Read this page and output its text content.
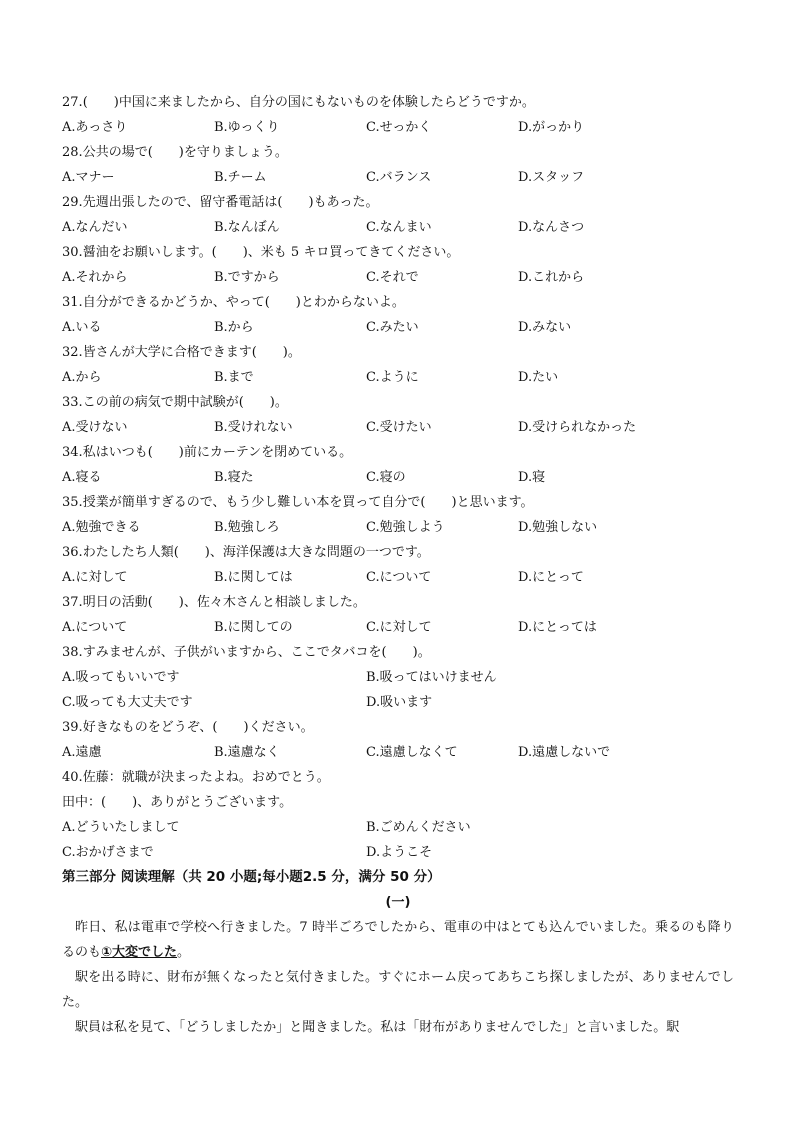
27.(　　)中国に来ましたから、自分の国にもないものを体験したらどうですか。
A.あっさり	B.ゆっくり	C.せっかく	D.がっかり
28.公共の場で(　　)を守りましょう。
A.マナー	B.チーム	C.バランス	D.スタッフ
29.先週出張したので、留守番電話は(　　)もあった。
A.なんだい	B.なんぼん	C.なんまい	D.なんさつ
30.醤油をお願いします。(　　)、米も 5 キロ買ってきてください。
A.それから	B.ですから	C.それで	D.これから
31.自分ができるかどうか、やって(　　)とわからないよ。
A.いる	B.から	C.みたい	D.みない
32.皆さんが大学に合格できます(　　)。
A.から	B.まで	C.ように	D.たい
33.この前の病気で期中試験が(　　)。
A.受けない	B.受けれない	C.受けたい	D.受けられなかった
34.私はいつも(　　)前にカーテンを閉めている。
A.寝る	B.寝た	C.寝の	D.寝
35.授業が簡単すぎるので、もう少し難しい本を買って自分で(　　)と思います。
A.勉強できる	B.勉強しろ	C.勉強しよう	D.勉強しない
36.わたしたち人類(　　)、海洋保護は大きな問題の一つです。
A.に対して	B.に関しては	C.について	D.にとって
37.明日の活動(　　)、佐々木さんと相談しました。
A.について	B.に関しての	C.に対して	D.にとっては
38.すみませんが、子供がいますから、ここでタバコを(　　)。
A.吸ってもいいです	B.吸ってはいけません
C.吸っても大丈夫です	D.吸います
39.好きなものをどうぞ、(　　)ください。
A.遠慮	B.遠慮なく	C.遠慮しなくて	D.遠慮しないで
40.佐藤：就職が決まったよね。おめでとう。
田中：(　　)、ありがとうございます。
A.どういたしまして	B.ごめんください
C.おかげさまで	D.ようこそ
第三部分 阅读理解（共 20 小题;每小题2.5 分，满分 50 分）
(一)
昨日、私は電車で学校へ行きました。7 時半ごろでしたから、電車の中はとても込んでいました。乗るのも降りるのも①大変でした。
駅を出る時に、財布が無くなったと気付きました。すぐにホーム戻ってあちこち探しましたが、ありませんでした。
駅員は私を見て、「どうしましたか」と聞きました。私は「財布がありませんでした」と言いました。駅
